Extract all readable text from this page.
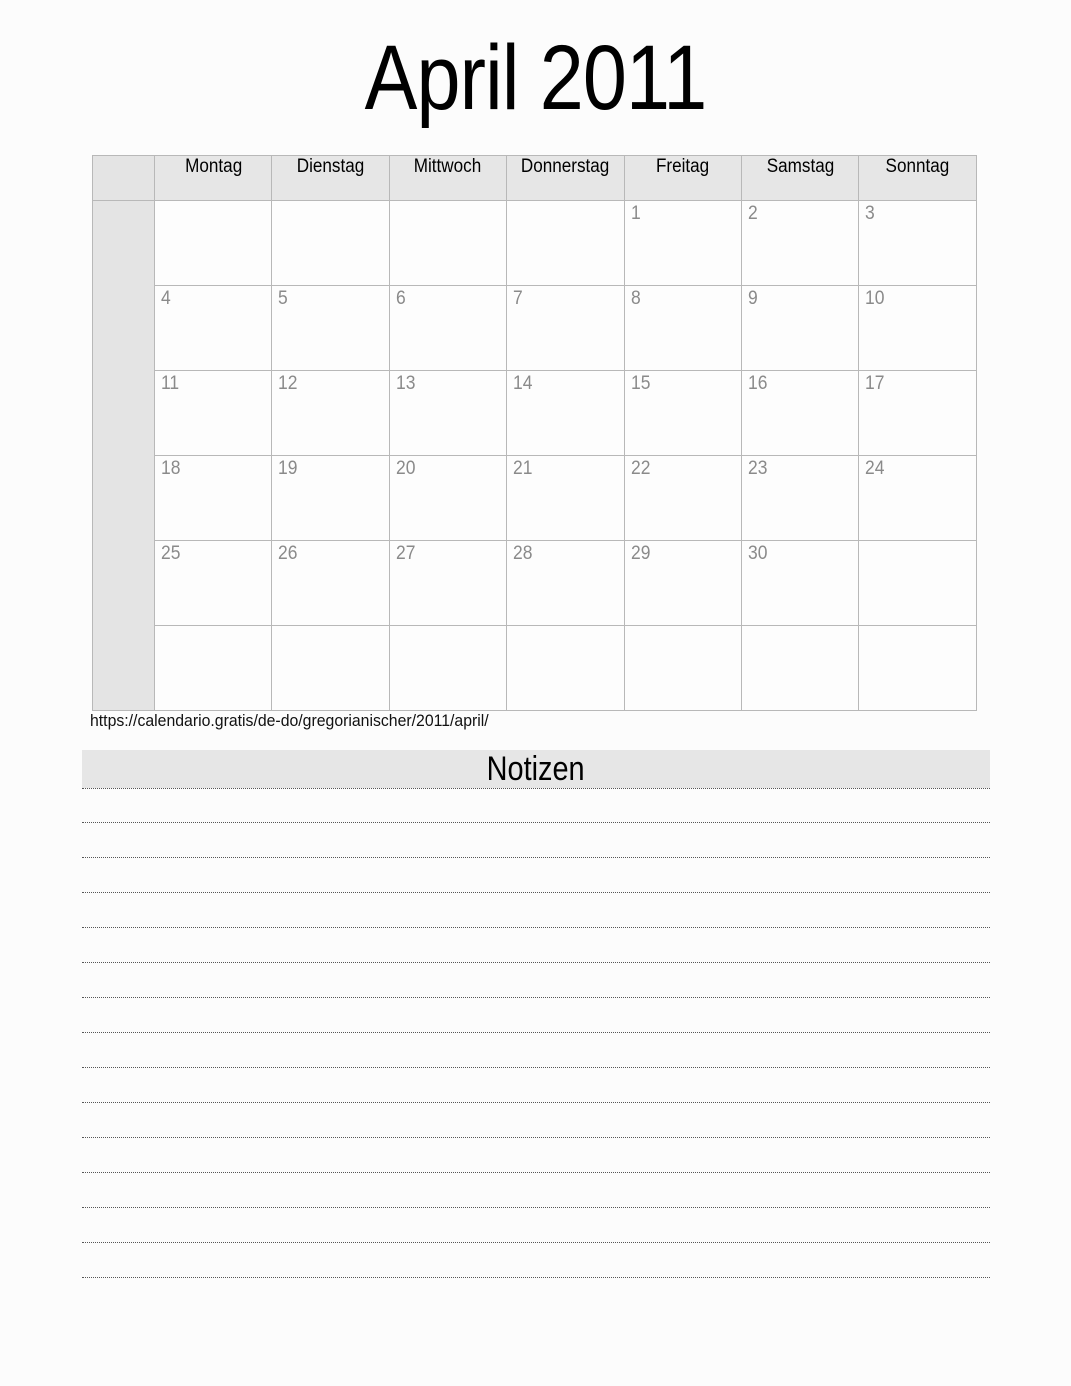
April 2011
	Montag	Dienstag	Mittwoch	Donnerstag	Freitag	Samstag	Sonntag

					1	2	3

	4	5	6	7	8	9	10

	11	12	13	14	15	16	17

	18	19	20	21	22	23	24

	25	26	27	28	29	30	

https://calendario.gratis/de-do/gregorianischer/2011/april/
Notizen
